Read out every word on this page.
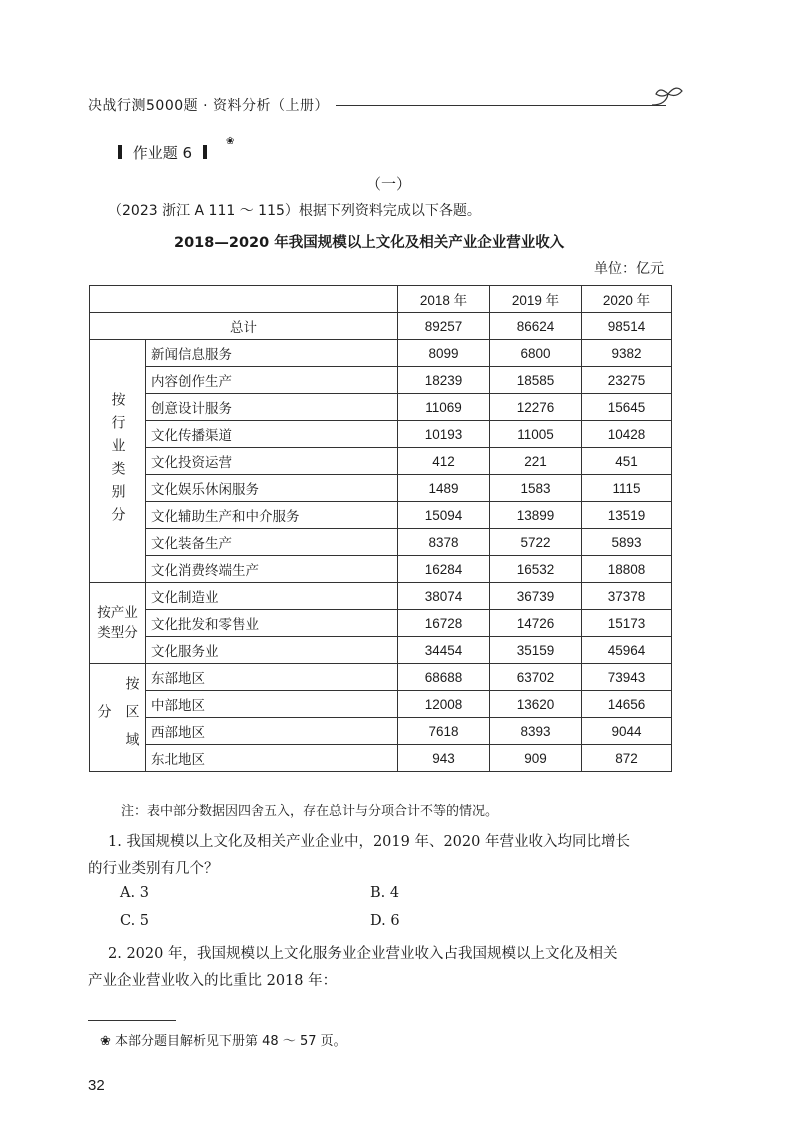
决战行测5000题 · 资料分析（上册）
作业题 6
❀
（一）
（2023 浙江 A 111 ～ 115）根据下列资料完成以下各题。
2018—2020 年我国规模以上文化及相关产业企业营业收入
单位：亿元
		2018 年	2019 年	2020 年
总计		89257	86624	98514
按行业类别分	新闻信息服务	8099	6800	9382
	内容创作生产	18239	18585	23275
	创意设计服务	11069	12276	15645
	文化传播渠道	10193	11005	10428
	文化投资运营	412	221	451
	文化娱乐休闲服务	1489	1583	1115
	文化辅助生产和中介服务	15094	13899	13519
	文化装备生产	8378	5722	5893
	文化消费终端生产	16284	16532	18808
按产业类型分	文化制造业	38074	36739	37378
	文化批发和零售业	16728	14726	15173
	文化服务业	34454	35159	45964
按区域分	东部地区	68688	63702	73943
	中部地区	12008	13620	14656
	西部地区	7618	8393	9044
	东北地区	943	909	872
注：表中部分数据因四舍五入，存在总计与分项合计不等的情况。
1. 我国规模以上文化及相关产业企业中，2019 年、2020 年营业收入均同比增长
的行业类别有几个？
A. 3	B. 4
C. 5	D. 6
2. 2020 年，我国规模以上文化服务业企业营业收入占我国规模以上文化及相关
产业企业营业收入的比重比 2018 年：
❀ 本部分题目解析见下册第 48 ～ 57 页。
32
